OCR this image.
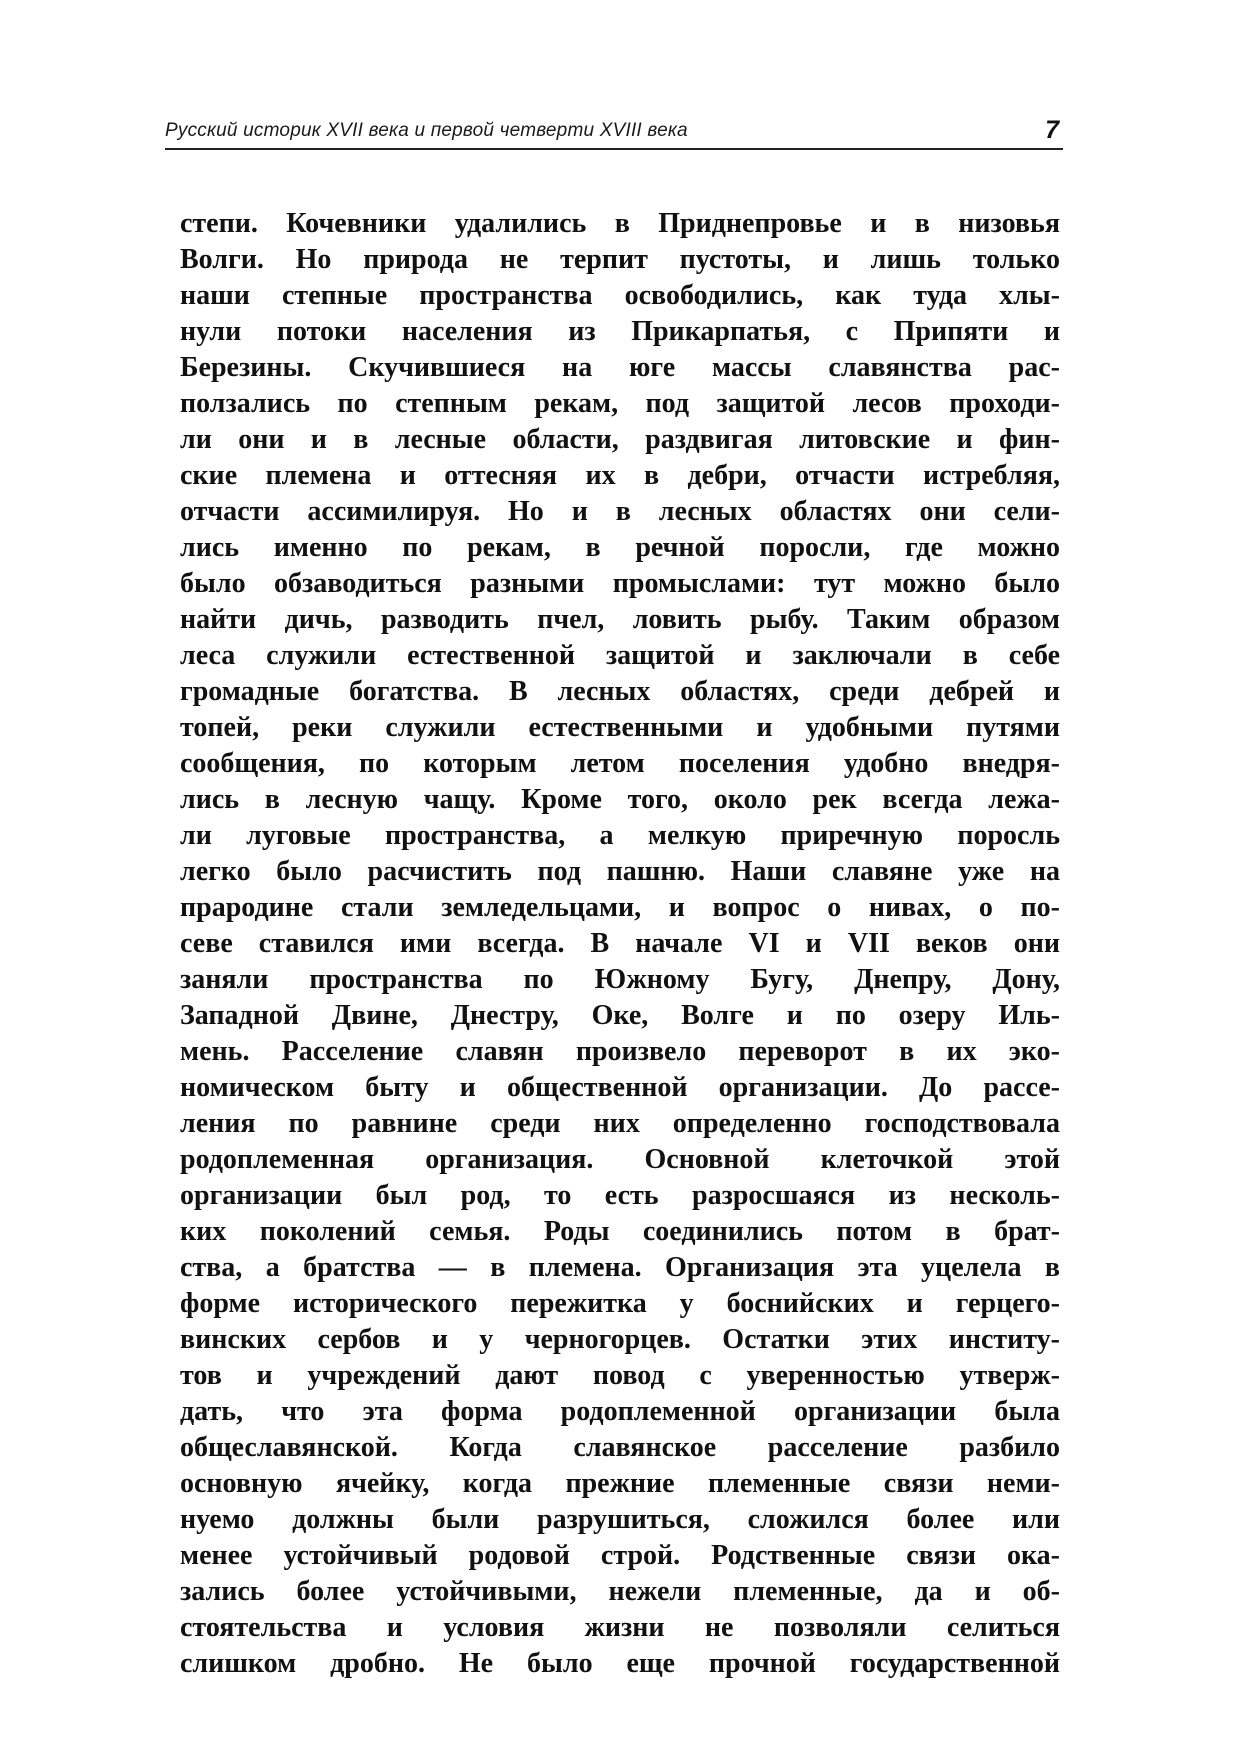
Русский историк XVII века и первой четверти XVIII века	7
степи. Кочевники удалились в Приднепровье и в низовья
Волги. Но природа не терпит пустоты, и лишь только
наши степные пространства освободились, как туда хлы-
нули потоки населения из Прикарпатья, с Припяти и
Березины. Скучившиеся на юге массы славянства рас-
ползались по степным рекам, под защитой лесов проходи-
ли они и в лесные области, раздвигая литовские и фин-
ские племена и оттесняя их в дебри, отчасти истребляя,
отчасти ассимилируя. Но и в лесных областях они сели-
лись именно по рекам, в речной поросли, где можно
было обзаводиться разными промыслами: тут можно было
найти дичь, разводить пчел, ловить рыбу. Таким образом
леса служили естественной защитой и заключали в себе
громадные богатства. В лесных областях, среди дебрей и
топей, реки служили естественными и удобными путями
сообщения, по которым летом поселения удобно внедря-
лись в лесную чащу. Кроме того, около рек всегда лежа-
ли луговые пространства, а мелкую приречную поросль
легко было расчистить под пашню. Наши славяне уже на
прародине стали земледельцами, и вопрос о нивах, о по-
севе ставился ими всегда. В начале VI и VII веков они
заняли пространства по Южному Бугу, Днепру, Дону,
Западной Двине, Днестру, Оке, Волге и по озеру Иль-
мень. Расселение славян произвело переворот в их эко-
номическом быту и общественной организации. До рассе-
ления по равнине среди них определенно господствовала
родоплеменная организация. Основной клеточкой этой
организации был род, то есть разросшаяся из несколь-
ких поколений семья. Роды соединились потом в брат-
ства, а братства — в племена. Организация эта уцелела в
форме исторического пережитка у боснийских и герцего-
винских сербов и у черногорцев. Остатки этих институ-
тов и учреждений дают повод с уверенностью утверж-
дать, что эта форма родоплеменной организации была
общеславянской. Когда славянское расселение разбило
основную ячейку, когда прежние племенные связи неми-
нуемо должны были разрушиться, сложился более или
менее устойчивый родовой строй. Родственные связи ока-
зались более устойчивыми, нежели племенные, да и об-
стоятельства и условия жизни не позволяли селиться
слишком дробно. Не было еще прочной государственной
